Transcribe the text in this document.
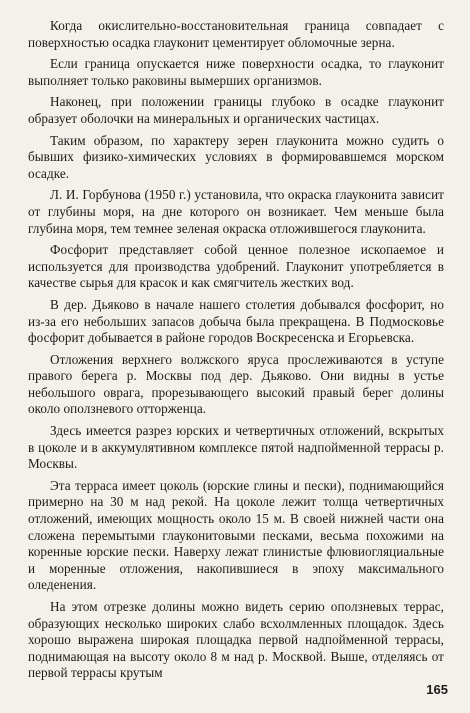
Когда окислительно-восстановительная граница совпадает с поверхностью осадка глауконит цементирует обломочные зерна.

Если граница опускается ниже поверхности осадка, то глауконит выполняет только раковины вымерших организмов.

Наконец, при положении границы глубоко в осадке глауконит образует оболочки на минеральных и органических частицах.

Таким образом, по характеру зерен глауконита можно судить о бывших физико-химических условиях в формировавшемся морском осадке.

Л. И. Горбунова (1950 г.) установила, что окраска глауконита зависит от глубины моря, на дне которого он возникает. Чем меньше была глубина моря, тем темнее зеленая окраска отложившегося глауконита.

Фосфорит представляет собой ценное полезное ископаемое и используется для производства удобрений. Глауконит употребляется в качестве сырья для красок и как смягчитель жестких вод.

В дер. Дьяково в начале нашего столетия добывался фосфорит, но из-за его небольших запасов добыча была прекращена. В Подмосковье фосфорит добывается в районе городов Воскресенска и Егорьевска.

Отложения верхнего волжского яруса прослеживаются в уступе правого берега р. Москвы под дер. Дьяково. Они видны в устье небольшого оврага, прорезывающего высокий правый берег долины около оползневого отторженца.

Здесь имеется разрез юрских и четвертичных отложений, вскрытых в цоколе и в аккумулятивном комплексе пятой надпойменной террасы р. Москвы.

Эта терраса имеет цоколь (юрские глины и пески), поднимающийся примерно на 30 м над рекой. На цоколе лежит толща четвертичных отложений, имеющих мощность около 15 м. В своей нижней части она сложена перемытыми глауконитовыми песками, весьма похожими на коренные юрские пески. Наверху лежат глинистые флювиогляциальные и моренные отложения, накопившиеся в эпоху максимального оледенения.

На этом отрезке долины можно видеть серию оползневых террас, образующих несколько широких слабо всхолмленных площадок. Здесь хорошо выражена широкая площадка первой надпойменной террасы, поднимающая на высоту около 8 м над р. Москвой. Выше, отделяясь от первой террасы крутым

165
